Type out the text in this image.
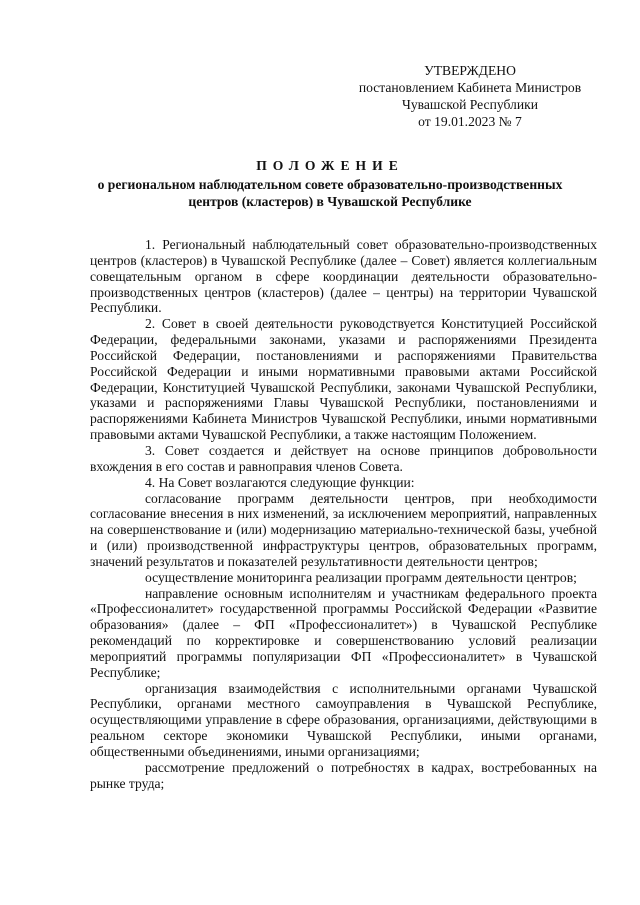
УТВЕРЖДЕНО
постановлением Кабинета Министров
Чувашской Республики
от 19.01.2023 № 7
ПОЛОЖЕНИЕ
о региональном наблюдательном совете образовательно-производственных
центров (кластеров) в Чувашской Республике

1. Региональный наблюдательный совет образовательно-производственных центров (кластеров) в Чувашской Республике (далее – Совет) является коллегиальным совещательным органом в сфере координации деятельности образовательно-производственных центров (кластеров) (далее – центры) на территории Чувашской Республики.

2. Совет в своей деятельности руководствуется Конституцией Российской Федерации, федеральными законами, указами и распоряжениями Президента Российской Федерации, постановлениями и распоряжениями Правительства Российской Федерации и иными нормативными правовыми актами Российской Федерации, Конституцией Чувашской Республики, законами Чувашской Республики, указами и распоряжениями Главы Чувашской Республики, постановлениями и распоряжениями Кабинета Министров Чувашской Республики, иными нормативными правовыми актами Чувашской Республики, а также настоящим Положением.

3. Совет создается и действует на основе принципов добровольности вхождения в его состав и равноправия членов Совета.

4. На Совет возлагаются следующие функции:

согласование программ деятельности центров, при необходимости согласование внесения в них изменений, за исключением мероприятий, направленных на совершенствование и (или) модернизацию материально-технической базы, учебной и (или) производственной инфраструктуры центров, образовательных программ, значений результатов и показателей результативности деятельности центров;

осуществление мониторинга реализации программ деятельности центров;

направление основным исполнителям и участникам федерального проекта «Профессионалитет» государственной программы Российской Федерации «Развитие образования» (далее – ФП «Профессионалитет») в Чувашской Республике рекомендаций по корректировке и совершенствованию условий реализации мероприятий программы популяризации ФП «Профессионалитет» в Чувашской Республике;

организация взаимодействия с исполнительными органами Чувашской Республики, органами местного самоуправления в Чувашской Республике, осуществляющими управление в сфере образования, организациями, действующими в реальном секторе экономики Чувашской Республики, иными органами, общественными объединениями, иными организациями;

рассмотрение предложений о потребностях в кадрах, востребованных на рынке труда;
